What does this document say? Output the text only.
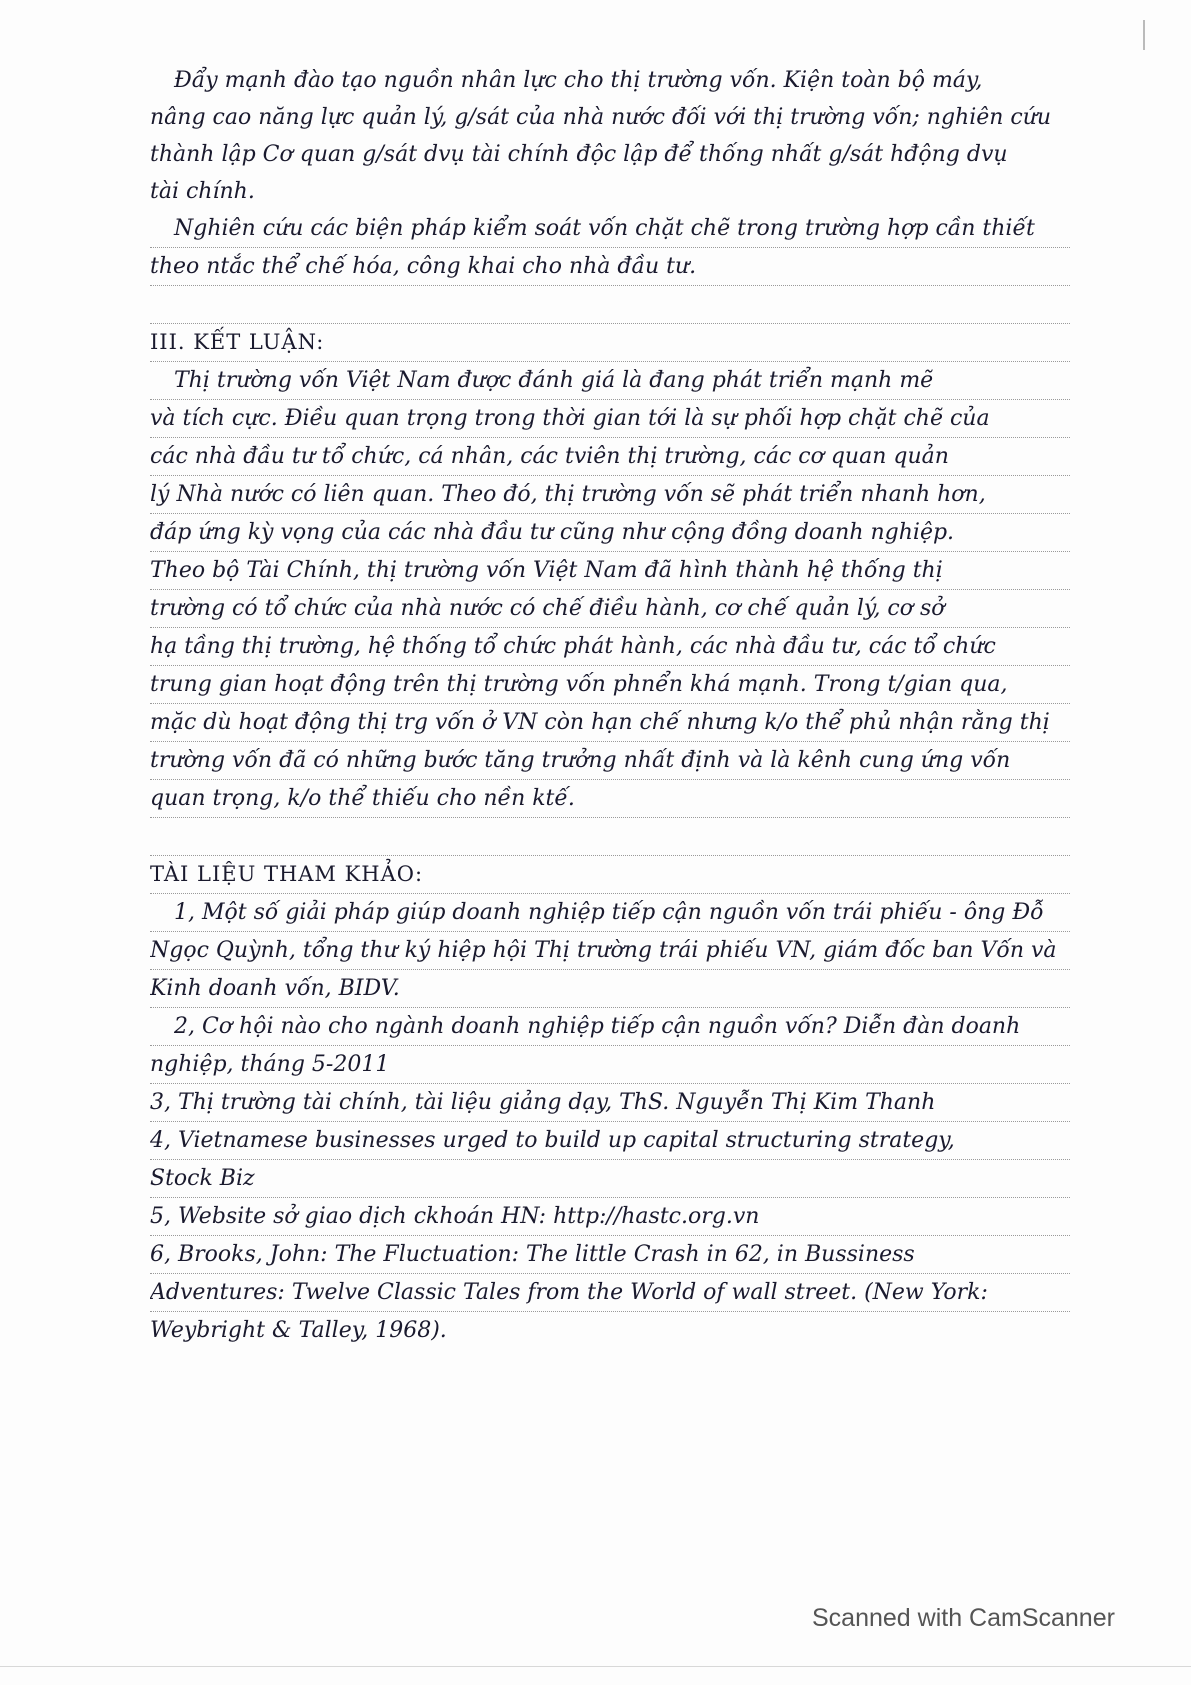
Đẩy mạnh đào tạo nguồn nhân lực cho thị trường vốn. Kiện toàn bộ máy,
nâng cao năng lực quản lý, g/sát của nhà nước đối với thị trường vốn; nghiên cứu
thành lập Cơ quan g/sát dvụ tài chính độc lập để thống nhất g/sát hđộng dvụ
tài chính.
Nghiên cứu các biện pháp kiểm soát vốn chặt chẽ trong trường hợp cần thiết
theo ntắc thể chế hóa, công khai cho nhà đầu tư.
III. KẾT LUẬN:
Thị trường vốn Việt Nam được đánh giá là đang phát triển mạnh mẽ
và tích cực. Điều quan trọng trong thời gian tới là sự phối hợp chặt chẽ của
các nhà đầu tư tổ chức, cá nhân, các tviên thị trường, các cơ quan quản
lý Nhà nước có liên quan. Theo đó, thị trường vốn sẽ phát triển nhanh hơn,
đáp ứng kỳ vọng của các nhà đầu tư cũng như cộng đồng doanh nghiệp.
Theo bộ Tài Chính, thị trường vốn Việt Nam đã hình thành hệ thống thị
trường có tổ chức của nhà nước có chế điều hành, cơ chế quản lý, cơ sở
hạ tầng thị trường, hệ thống tổ chức phát hành, các nhà đầu tư, các tổ chức
trung gian hoạt động trên thị trường vốn phnển khá mạnh. Trong t/gian qua,
mặc dù hoạt động thị trg vốn ở VN còn hạn chế nhưng k/o thể phủ nhận rằng thị
trường vốn đã có những bước tăng trưởng nhất định và là kênh cung ứng vốn
quan trọng, k/o thể thiếu cho nền ktế.
TÀI LIỆU THAM KHẢO:
1, Một số giải pháp giúp doanh nghiệp tiếp cận nguồn vốn trái phiếu - ông Đỗ
Ngọc Quỳnh, tổng thư ký hiệp hội Thị trường trái phiếu VN, giám đốc ban Vốn và
Kinh doanh vốn, BIDV.
2, Cơ hội nào cho ngành doanh nghiệp tiếp cận nguồn vốn? Diễn đàn doanh
nghiệp, tháng 5-2011
3, Thị trường tài chính, tài liệu giảng dạy, ThS. Nguyễn Thị Kim Thanh
4, Vietnamese businesses urged to build up capital structuring strategy,
Stock Biz
5, Website sở giao dịch ckhoán HN: http://hastc.org.vn
6, Brooks, John: The Fluctuation: The little Crash in 62, in Bussiness
Adventures: Twelve Classic Tales from the World of wall street. (New York:
Weybright & Talley, 1968).
Scanned with CamScanner
